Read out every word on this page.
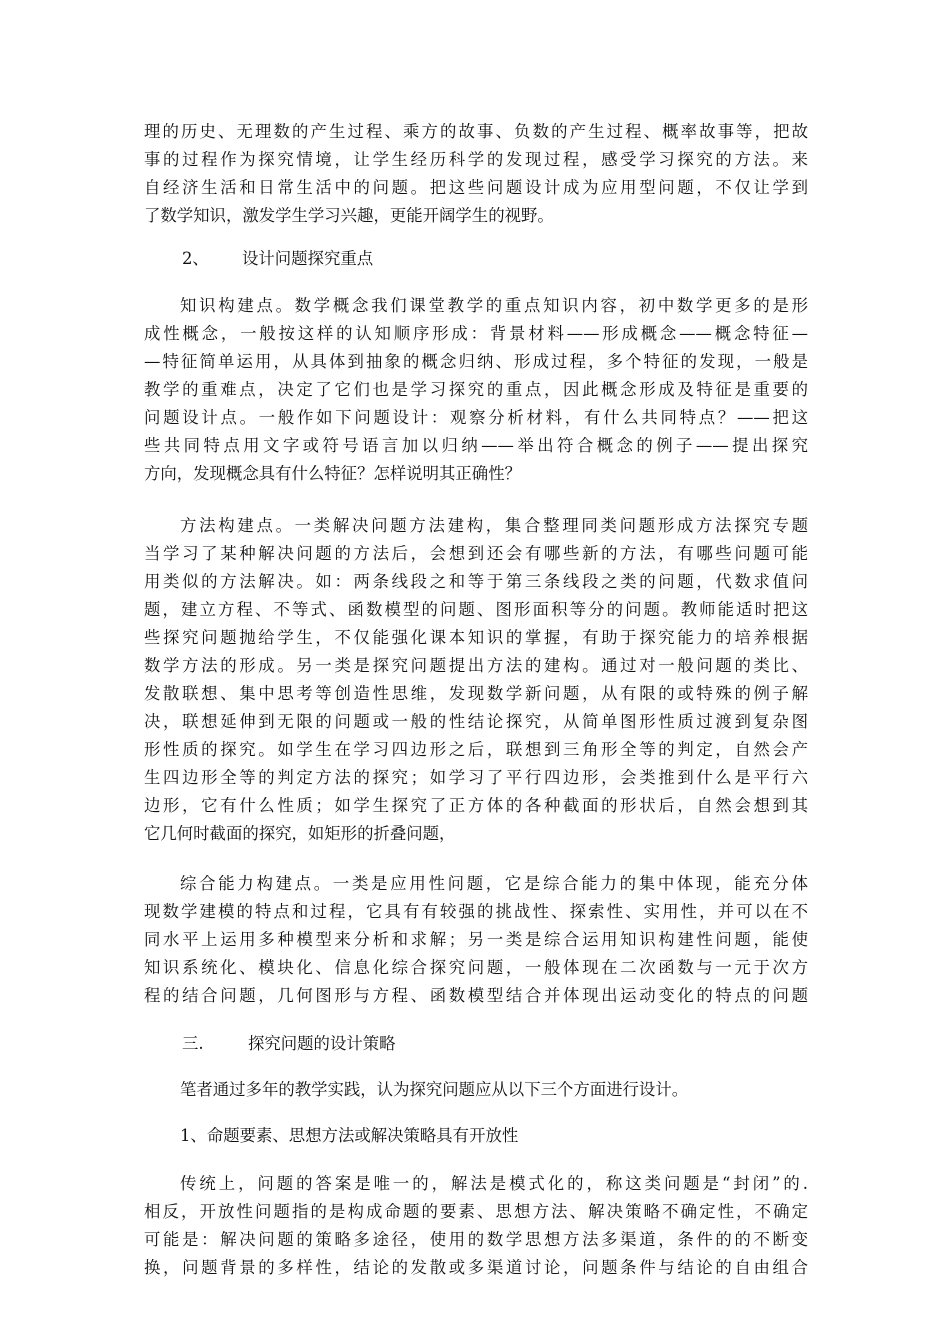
理的历史、无理数的产生过程、乘方的故事、负数的产生过程、概率故事等，把故
事的过程作为探究情境，让学生经历科学的发现过程，感受学习探究的方法。来
自经济生活和日常生活中的问题。把这些问题设计成为应用型问题，不仅让学到
了数学知识，激发学生学习兴趣，更能开阔学生的视野。
2、 设计问题探究重点
知识构建点。数学概念我们课堂教学的重点知识内容，初中数学更多的是形
成性概念，一般按这样的认知顺序形成：背景材料——形成概念——概念特征—
—特征简单运用，从具体到抽象的概念归纳、形成过程，多个特征的发现，一般是
教学的重难点，决定了它们也是学习探究的重点，因此概念形成及特征是重要的
问题设计点。一般作如下问题设计：观察分析材料，有什么共同特点？——把这
些共同特点用文字或符号语言加以归纳——举出符合概念的例子——提出探究
方向，发现概念具有什么特征？怎样说明其正确性？
方法构建点。一类解决问题方法建构，集合整理同类问题形成方法探究专题
当学习了某种解决问题的方法后，会想到还会有哪些新的方法，有哪些问题可能
用类似的方法解决。如：两条线段之和等于第三条线段之类的问题，代数求值问
题，建立方程、不等式、函数模型的问题、图形面积等分的问题。教师能适时把这
些探究问题抛给学生，不仅能强化课本知识的掌握，有助于探究能力的培养根据
数学方法的形成。另一类是探究问题提出方法的建构。通过对一般问题的类比、
发散联想、集中思考等创造性思维，发现数学新问题，从有限的或特殊的例子解
决，联想延伸到无限的问题或一般的性结论探究，从简单图形性质过渡到复杂图
形性质的探究。如学生在学习四边形之后，联想到三角形全等的判定，自然会产
生四边形全等的判定方法的探究；如学习了平行四边形，会类推到什么是平行六
边形，它有什么性质；如学生探究了正方体的各种截面的形状后，自然会想到其
它几何时截面的探究，如矩形的折叠问题，
综合能力构建点。一类是应用性问题，它是综合能力的集中体现，能充分体
现数学建模的特点和过程，它具有有较强的挑战性、探索性、实用性，并可以在不
同水平上运用多种模型来分析和求解；另一类是综合运用知识构建性问题，能使
知识系统化、模块化、信息化综合探究问题，一般体现在二次函数与一元于次方
程的结合问题，几何图形与方程、函数模型结合并体现出运动变化的特点的问题
三.	探究问题的设计策略
笔者通过多年的教学实践，认为探究问题应从以下三个方面进行设计。
1、命题要素、思想方法或解决策略具有开放性
传统上，问题的答案是唯一的，解法是模式化的，称这类问题是“封闭”的.
相反，开放性问题指的是构成命题的要素、思想方法、解决策略不确定性，不确定
可能是：解决问题的策略多途径，使用的数学思想方法多渠道，条件的的不断变
换，问题背景的多样性，结论的发散或多渠道讨论，问题条件与结论的自由组合
